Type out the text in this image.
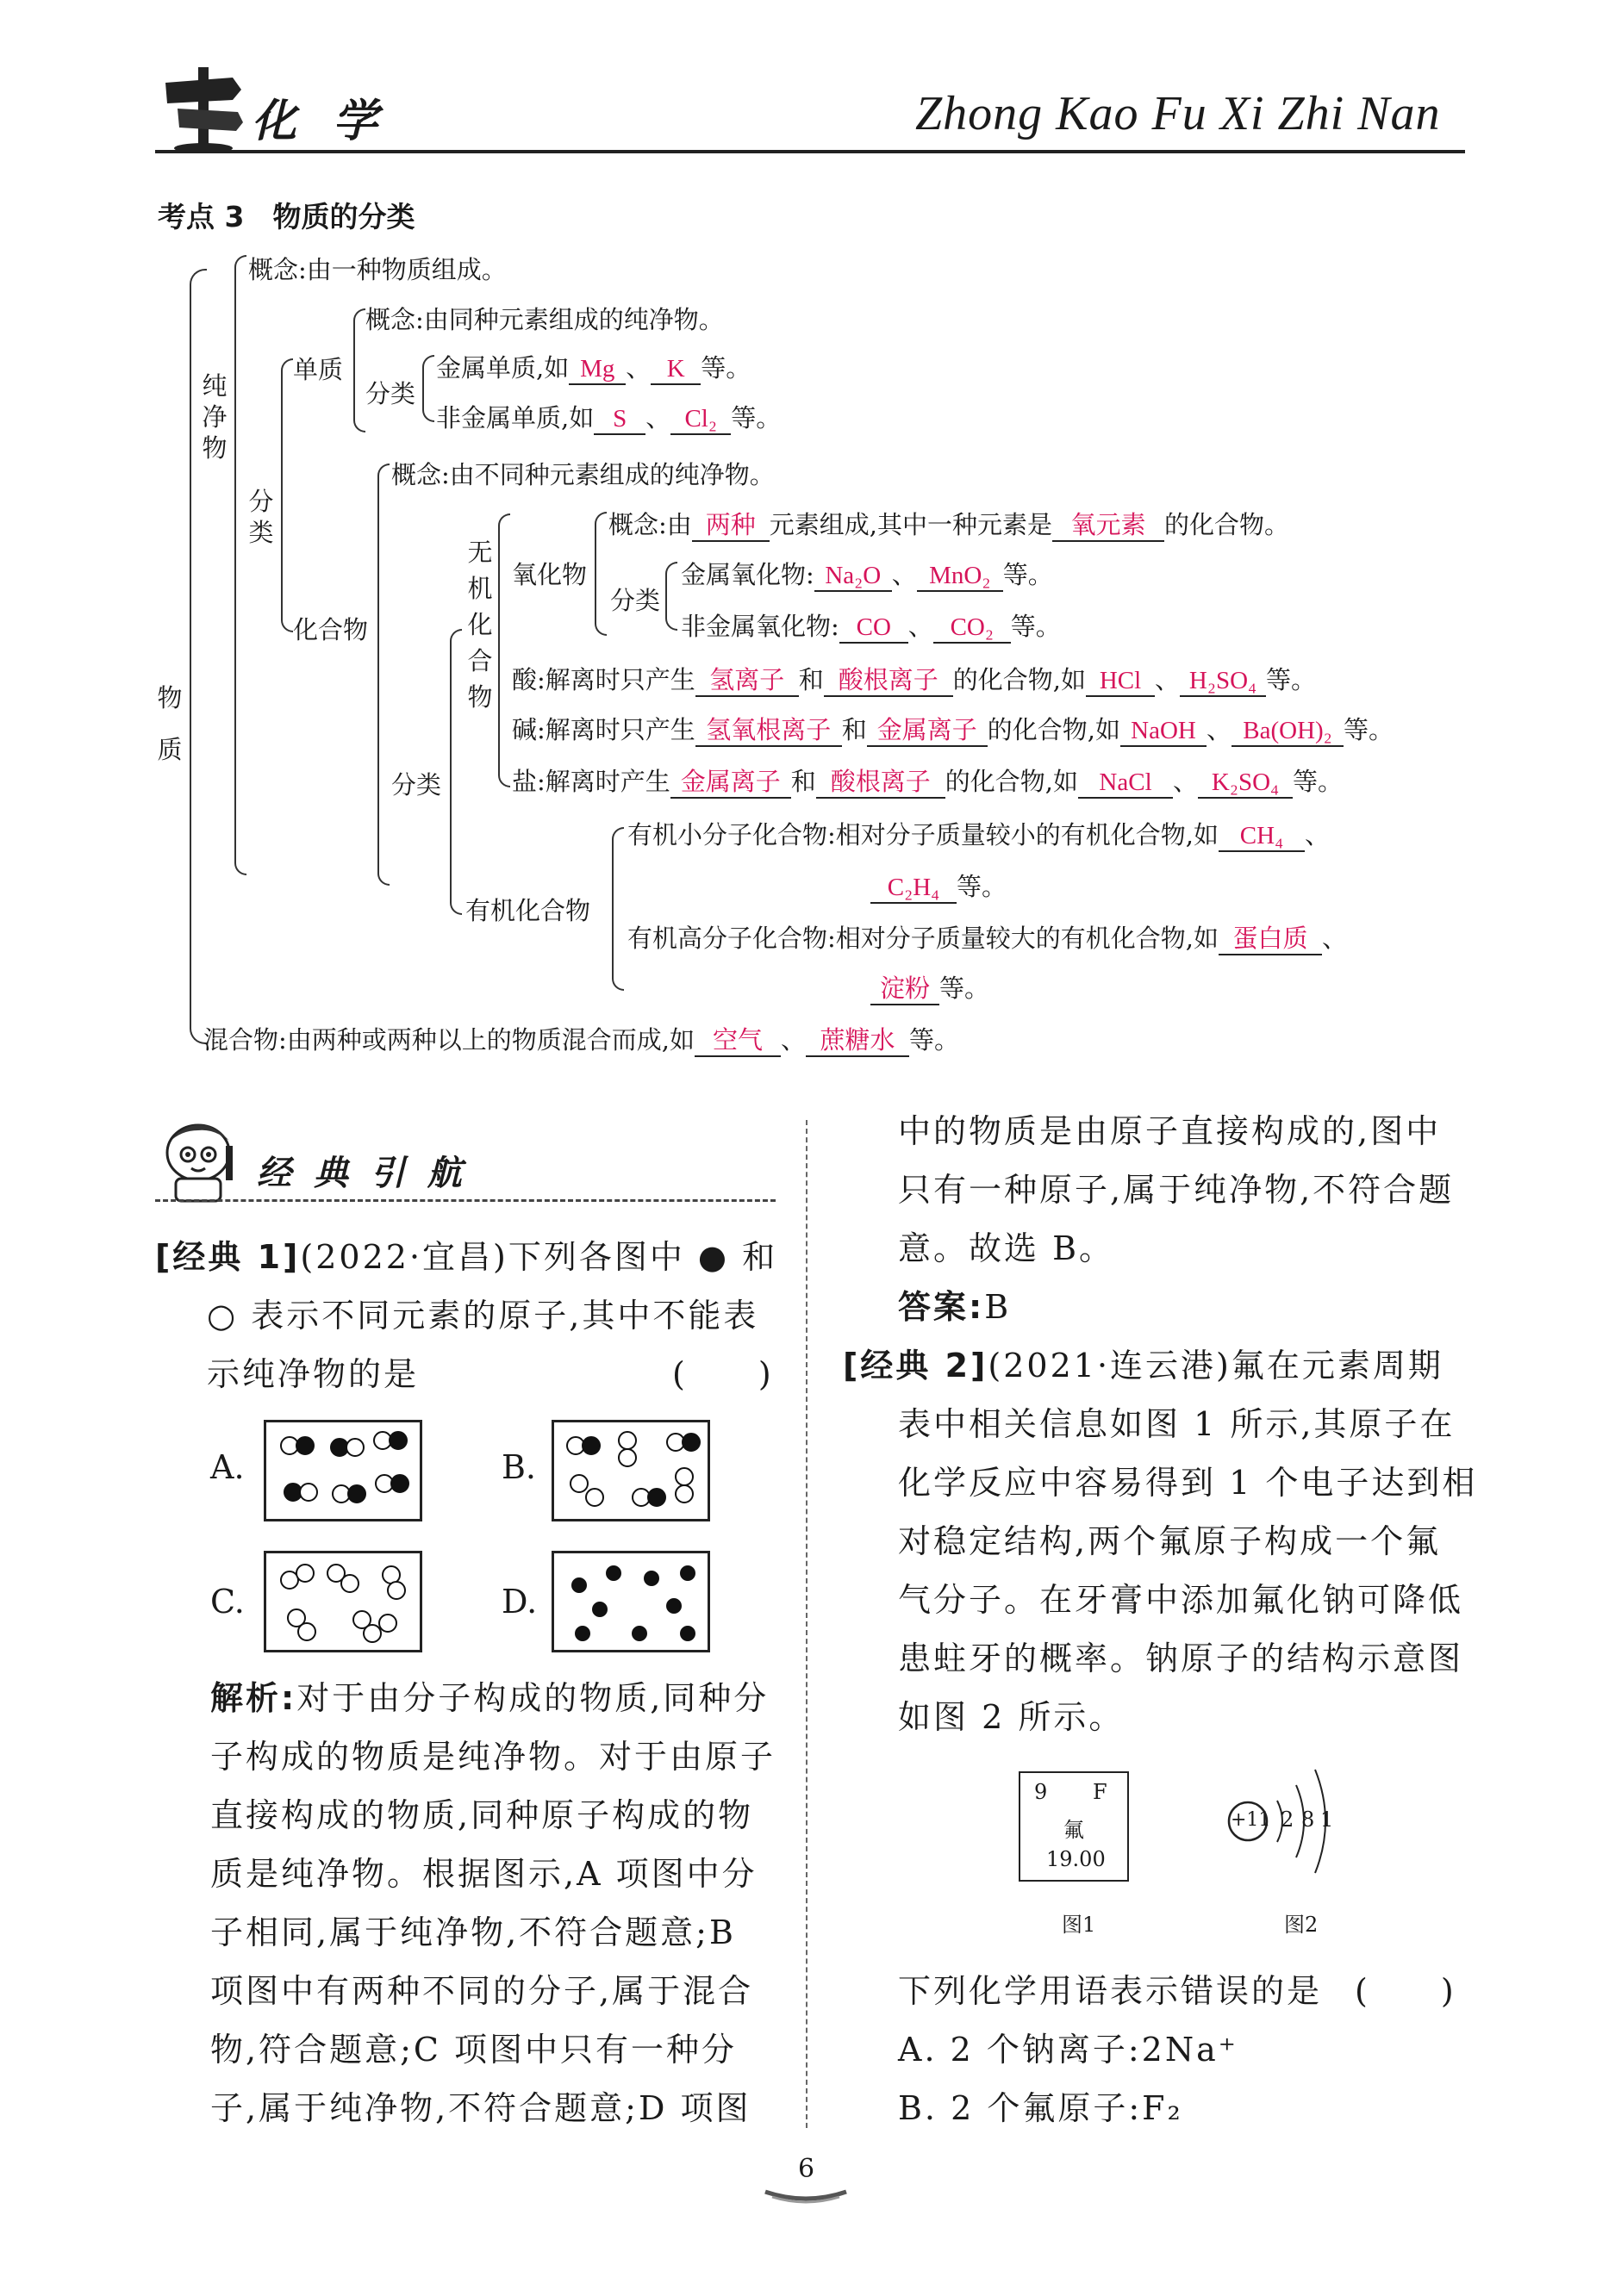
化 学	Zhong Kao Fu Xi Zhi Nan
考点 3　物质的分类
物质
纯净物
分类
无机化合物
概念:由一种物质组成。
单质
概念:由同种元素组成的纯净物。
分类
金属单质,如 Mg 、 K 等。
非金属单质,如 S 、 Cl₂ 等。
化合物
概念:由不同种元素组成的纯净物。
分类
氧化物
概念:由 两种 元素组成,其中一种元素是 氧元素 的化合物。
分类
金属氧化物: Na₂O 、 MnO₂ 等。
非金属氧化物: CO 、 CO₂ 等。
酸:解离时只产生 氢离子 和 酸根离子 的化合物,如 HCl 、 H₂SO₄ 等。
碱:解离时只产生 氢氧根离子 和 金属离子 的化合物,如 NaOH 、 Ba(OH)₂ 等。
盐:解离时产生 金属离子 和 酸根离子 的化合物,如 NaCl 、 K₂SO₄ 等。
有机化合物
有机小分子化合物:相对分子质量较小的有机化合物,如 CH₄ 、
C₂H₄ 等。
有机高分子化合物:相对分子质量较大的有机化合物,如 蛋白质 、
淀粉 等。
混合物:由两种或两种以上的物质混合而成,如 空气 、 蔗糖水 等。
经 典 引 航
[经典 1](2022·宜昌)下列各图中 ● 和
○ 表示不同元素的原子,其中不能表
示纯净物的是	(　　)
A.	B.
C.	D.
解析:对于由分子构成的物质,同种分
子构成的物质是纯净物。对于由原子
直接构成的物质,同种原子构成的物
质是纯净物。根据图示,A 项图中分
子相同,属于纯净物,不符合题意;B
项图中有两种不同的分子,属于混合
物,符合题意;C 项图中只有一种分
子,属于纯净物,不符合题意;D 项图
中的物质是由原子直接构成的,图中
只有一种原子,属于纯净物,不符合题
意。故选 B。
答案:B
[经典 2](2021·连云港)氟在元素周期
表中相关信息如图 1 所示,其原子在
化学反应中容易得到 1 个电子达到相
对稳定结构,两个氟原子构成一个氟
气分子。在牙膏中添加氟化钠可降低
患蛀牙的概率。钠原子的结构示意图
如图 2 所示。
9 F
氟
19.00
图1
+11 2 8 1
图2
下列化学用语表示错误的是 (　　)
A. 2 个钠离子:2Na⁺
B. 2 个氟原子:F₂
6
